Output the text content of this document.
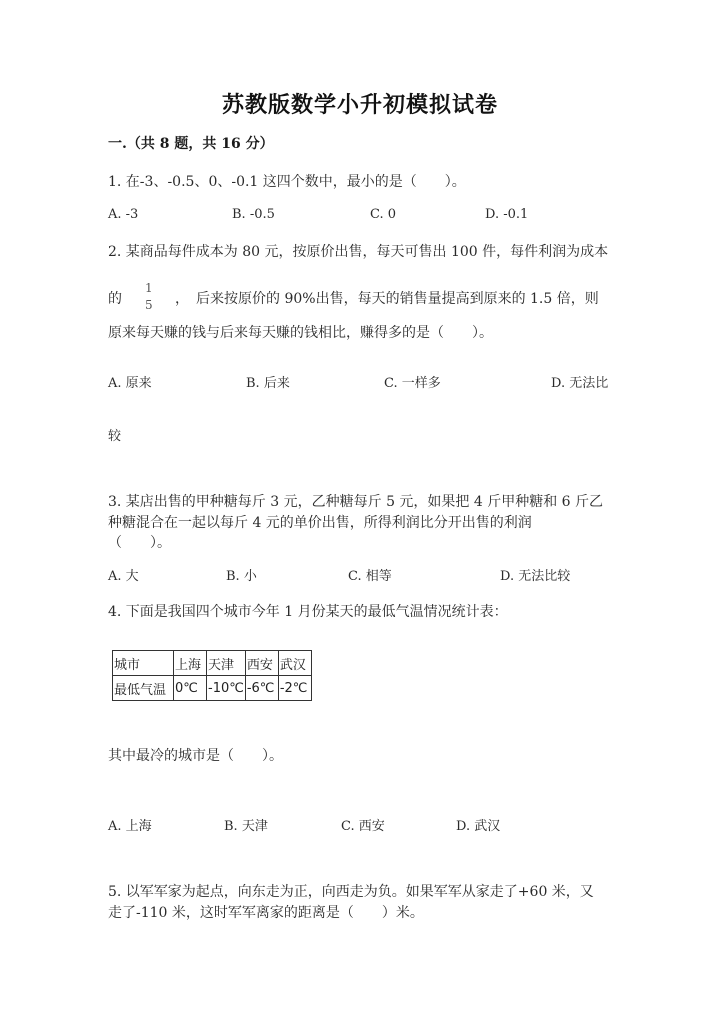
苏教版数学小升初模拟试卷
一.（共 8 题，共 16 分）
1. 在-3、-0.5、0、-0.1 这四个数中，最小的是（　　）。
A. -3	B. -0.5	C. 0	D. -0.1
2. 某商品每件成本为 80 元，按原价出售，每天可售出 100 件，每件利润为成本
的
1
5 ，　后来按原价的 90%出售，每天的销售量提高到原来的 1.5 倍，则
原来每天赚的钱与后来每天赚的钱相比，赚得多的是（　　）。
A. 原来	B. 后来	C. 一样多	D. 无法比
较
3. 某店出售的甲种糖每斤 3 元，乙种糖每斤 5 元，如果把 4 斤甲种糖和 6 斤乙
种糖混合在一起以每斤 4 元的单价出售，所得利润比分开出售的利润
（　　）。
A. 大	B. 小	C. 相等	D. 无法比较
4. 下面是我国四个城市今年 1 月份某天的最低气温情况统计表：
城市	上海	天津	西安	武汉
最低气温	0℃	-10℃	-6℃	-2℃
其中最冷的城市是（　　）。
A. 上海	B. 天津	C. 西安	D. 武汉
5. 以军军家为起点，向东走为正，向西走为负。如果军军从家走了+60 米，又
走了-110 米，这时军军离家的距离是（　　）米。
